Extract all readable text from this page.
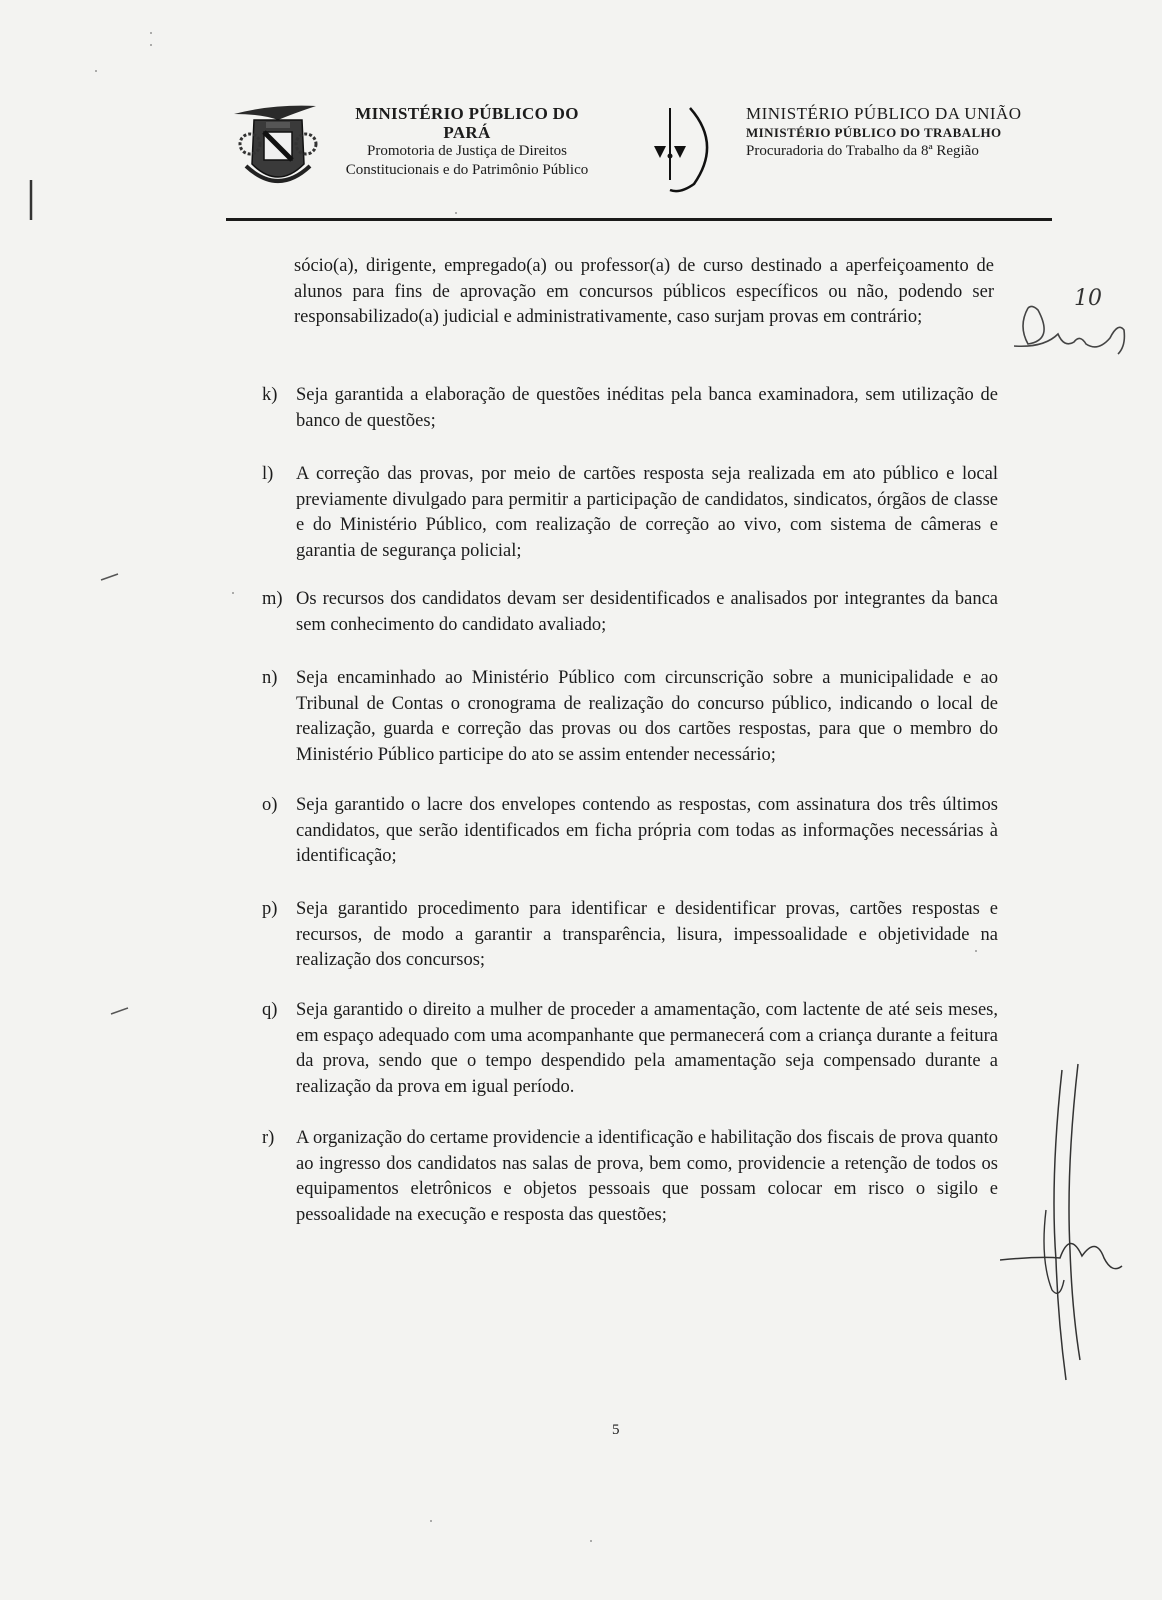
MINISTÉRIO PÚBLICO DO PARÁ
Promotoria de Justiça de Direitos
Constitucionais e do Patrimônio Público
MINISTÉRIO PÚBLICO DA UNIÃO
MINISTÉRIO PÚBLICO DO TRABALHO
Procuradoria do Trabalho da 8ª Região
sócio(a), dirigente, empregado(a) ou professor(a) de curso destinado a aperfeiçoamento de alunos para fins de aprovação em concursos públicos específicos ou não, podendo ser responsabilizado(a) judicial e administrativamente, caso surjam provas em contrário;
10
k) Seja garantida a elaboração de questões inéditas pela banca examinadora, sem utilização de banco de questões;
l) A correção das provas, por meio de cartões resposta seja realizada em ato público e local previamente divulgado para permitir a participação de candidatos, sindicatos, órgãos de classe e do Ministério Público, com realização de correção ao vivo, com sistema de câmeras e garantia de segurança policial;
m) Os recursos dos candidatos devam ser desidentificados e analisados por integrantes da banca sem conhecimento do candidato avaliado;
n) Seja encaminhado ao Ministério Público com circunscrição sobre a municipalidade e ao Tribunal de Contas o cronograma de realização do concurso público, indicando o local de realização, guarda e correção das provas ou dos cartões respostas, para que o membro do Ministério Público participe do ato se assim entender necessário;
o) Seja garantido o lacre dos envelopes contendo as respostas, com assinatura dos três últimos candidatos, que serão identificados em ficha própria com todas as informações necessárias à identificação;
p) Seja garantido procedimento para identificar e desidentificar provas, cartões respostas e recursos, de modo a garantir a transparência, lisura, impessoalidade e objetividade na realização dos concursos;
q) Seja garantido o direito a mulher de proceder a amamentação, com lactente de até seis meses, em espaço adequado com uma acompanhante que permanecerá com a criança durante a feitura da prova, sendo que o tempo despendido pela amamentação seja compensado durante a realização da prova em igual período.
r) A organização do certame providencie a identificação e habilitação dos fiscais de prova quanto ao ingresso dos candidatos nas salas de prova, bem como, providencie a retenção de todos os equipamentos eletrônicos e objetos pessoais que possam colocar em risco o sigilo e pessoalidade na execução e resposta das questões;
5
